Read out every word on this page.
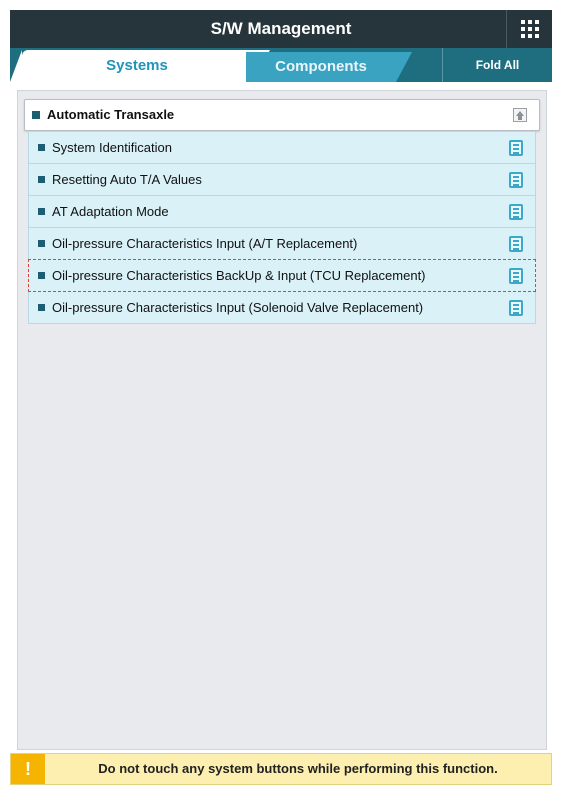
S/W Management
Systems	Components	Fold All
Automatic Transaxle
System Identification
Resetting Auto T/A Values
AT Adaptation Mode
Oil-pressure Characteristics Input (A/T Replacement)
Oil-pressure Characteristics BackUp & Input (TCU Replacement)
Oil-pressure Characteristics Input (Solenoid Valve Replacement)
!	Do not touch any system buttons while performing this function.
